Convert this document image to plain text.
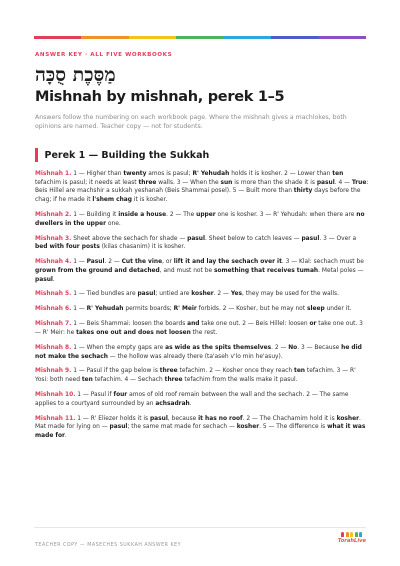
ANSWER KEY · ALL FIVE WORKBOOKS
מַסֶּכֶת סֻכָּה
Mishnah by mishnah, perek 1–5
Answers follow the numbering on each workbook page. Where the mishnah gives a machlokes, both opinions are named. Teacher copy — not for students.
Perek 1 — Building the Sukkah
Mishnah 1. 1 — Higher than twenty amos is pasul; R' Yehudah holds it is kosher. 2 — Lower than ten tefachim is pasul; it needs at least three walls. 3 — When the sun is more than the shade it is pasul. 4 — True: Beis Hillel are machshir a sukkah yeshanah (Beis Shammai posel). 5 — Built more than thirty days before the chag; if he made it l'shem chag it is kosher.
Mishnah 2. 1 — Building it inside a house. 2 — The upper one is kosher. 3 — R' Yehudah: when there are no dwellers in the upper one.
Mishnah 3. Sheet above the sechach for shade — pasul. Sheet below to catch leaves — pasul. 3 — Over a bed with four posts (kilas chasanim) it is kosher.
Mishnah 4. 1 — Pasul. 2 — Cut the vine, or lift it and lay the sechach over it. 3 — Klal: sechach must be grown from the ground and detached, and must not be something that receives tumah. Metal poles — pasul.
Mishnah 5. 1 — Tied bundles are pasul; untied are kosher. 2 — Yes, they may be used for the walls.
Mishnah 6. 1 — R' Yehudah permits boards; R' Meir forbids. 2 — Kosher, but he may not sleep under it.
Mishnah 7. 1 — Beis Shammai: loosen the boards and take one out. 2 — Beis Hillel: loosen or take one out. 3 — R' Meir: he takes one out and does not loosen the rest.
Mishnah 8. 1 — When the empty gaps are as wide as the spits themselves. 2 — No. 3 — Because he did not make the sechach — the hollow was already there (ta'aseh v'lo min he'asuy).
Mishnah 9. 1 — Pasul if the gap below is three tefachim. 2 — Kosher once they reach ten tefachim. 3 — R' Yosi: both need ten tefachim. 4 — Sechach three tefachim from the walls make it pasul.
Mishnah 10. 1 — Pasul if four amos of old roof remain between the wall and the sechach. 2 — The same applies to a courtyard surrounded by an achsadrah.
Mishnah 11. 1 — R' Eliezer holds it is pasul, because it has no roof. 2 — The Chachamim hold it is kosher. Mat made for lying on — pasul; the same mat made for sechach — kosher. 5 — The difference is what it was made for.
TEACHER COPY — MASECHES SUKKAH ANSWER KEY
TorahLive
